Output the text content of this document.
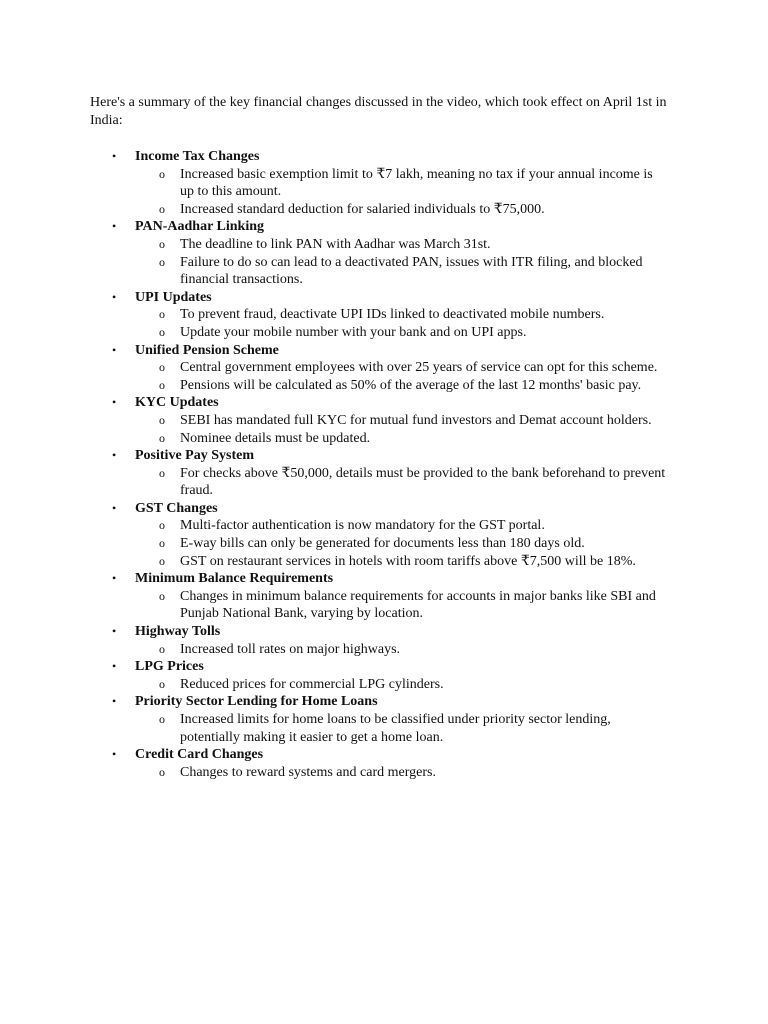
Here's a summary of the key financial changes discussed in the video, which took effect on April 1st in India:

• Income Tax Changes
o Increased basic exemption limit to ₹7 lakh, meaning no tax if your annual income is up to this amount.
o Increased standard deduction for salaried individuals to ₹75,000.
• PAN-Aadhar Linking
o The deadline to link PAN with Aadhar was March 31st.
o Failure to do so can lead to a deactivated PAN, issues with ITR filing, and blocked financial transactions.
• UPI Updates
o To prevent fraud, deactivate UPI IDs linked to deactivated mobile numbers.
o Update your mobile number with your bank and on UPI apps.
• Unified Pension Scheme
o Central government employees with over 25 years of service can opt for this scheme.
o Pensions will be calculated as 50% of the average of the last 12 months' basic pay.
• KYC Updates
o SEBI has mandated full KYC for mutual fund investors and Demat account holders.
o Nominee details must be updated.
• Positive Pay System
o For checks above ₹50,000, details must be provided to the bank beforehand to prevent fraud.
• GST Changes
o Multi-factor authentication is now mandatory for the GST portal.
o E-way bills can only be generated for documents less than 180 days old.
o GST on restaurant services in hotels with room tariffs above ₹7,500 will be 18%.
• Minimum Balance Requirements
o Changes in minimum balance requirements for accounts in major banks like SBI and Punjab National Bank, varying by location.
• Highway Tolls
o Increased toll rates on major highways.
• LPG Prices
o Reduced prices for commercial LPG cylinders.
• Priority Sector Lending for Home Loans
o Increased limits for home loans to be classified under priority sector lending, potentially making it easier to get a home loan.
• Credit Card Changes
o Changes to reward systems and card mergers.
